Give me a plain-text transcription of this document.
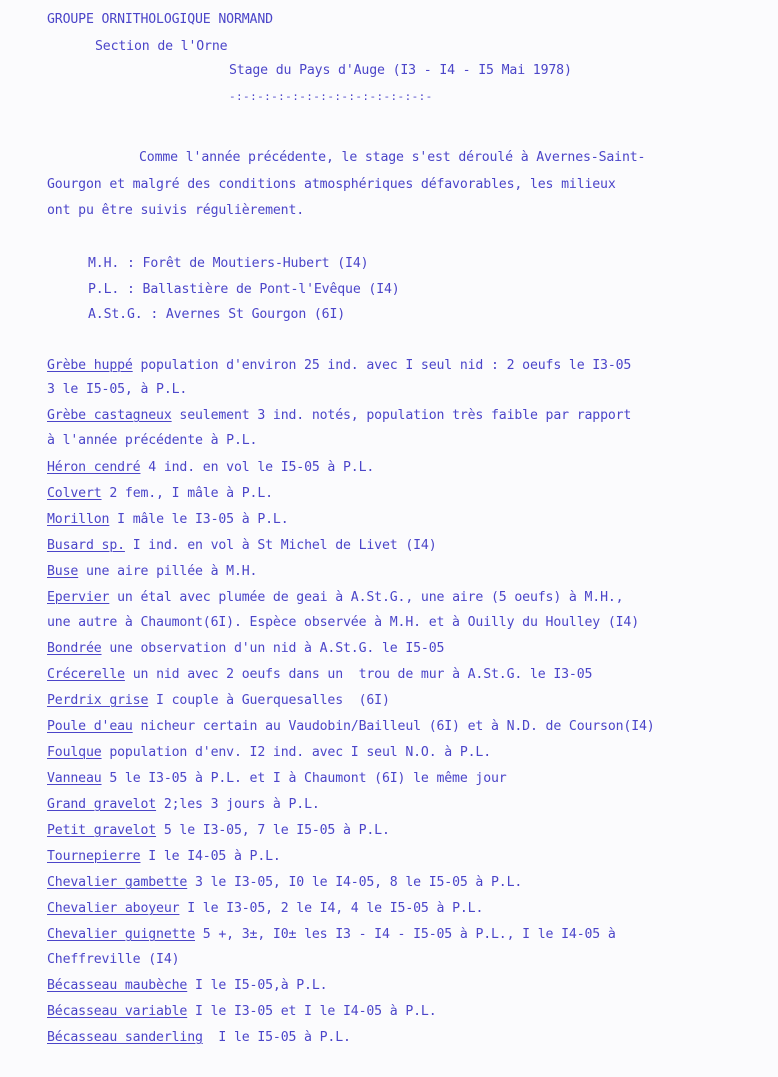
GROUPE ORNITHOLOGIQUE NORMAND
Section de l'Orne
Stage du Pays d'Auge (I3 - I4 - I5 Mai 1978)
-:-:-:-:-:-:-:-:-:-:-:-:-:-:-
Comme l'année précédente, le stage s'est déroulé à Avernes-Saint-
Gourgon et malgré des conditions atmosphériques défavorables, les milieux
ont pu être suivis régulièrement.
M.H. : Forêt de Moutiers-Hubert (I4)
P.L. : Ballastière de Pont-l'Evêque (I4)
A.St.G. : Avernes St Gourgon (6I)
Grèbe huppé population d'environ 25 ind. avec I seul nid : 2 oeufs le I3-05
3 le I5-05, à P.L.
Grèbe castagneux seulement 3 ind. notés, population très faible par rapport
à l'année précédente à P.L.
Héron cendré 4 ind. en vol le I5-05 à P.L.
Colvert 2 fem., I mâle à P.L.
Morillon I mâle le I3-05 à P.L.
Busard sp. I ind. en vol à St Michel de Livet (I4)
Buse une aire pillée à M.H.
Epervier un étal avec plumée de geai à A.St.G., une aire (5 oeufs) à M.H.,
une autre à Chaumont(6I). Espèce observée à M.H. et à Ouilly du Houlley (I4)
Bondrée une observation d'un nid à A.St.G. le I5-05
Crécerelle un nid avec 2 oeufs dans un  trou de mur à A.St.G. le I3-05
Perdrix grise I couple à Guerquesalles  (6I)
Poule d'eau nicheur certain au Vaudobin/Bailleul (6I) et à N.D. de Courson(I4)
Foulque population d'env. I2 ind. avec I seul N.O. à P.L.
Vanneau 5 le I3-05 à P.L. et I à Chaumont (6I) le même jour
Grand gravelot 2;les 3 jours à P.L.
Petit gravelot 5 le I3-05, 7 le I5-05 à P.L.
Tournepierre I le I4-05 à P.L.
Chevalier gambette 3 le I3-05, I0 le I4-05, 8 le I5-05 à P.L.
Chevalier aboyeur I le I3-05, 2 le I4, 4 le I5-05 à P.L.
Chevalier guignette 5 +, 3±, I0± les I3 - I4 - I5-05 à P.L., I le I4-05 à
Cheffreville (I4)
Bécasseau maubèche I le I5-05,à P.L.
Bécasseau variable I le I3-05 et I le I4-05 à P.L.
Bécasseau sanderling  I le I5-05 à P.L.
